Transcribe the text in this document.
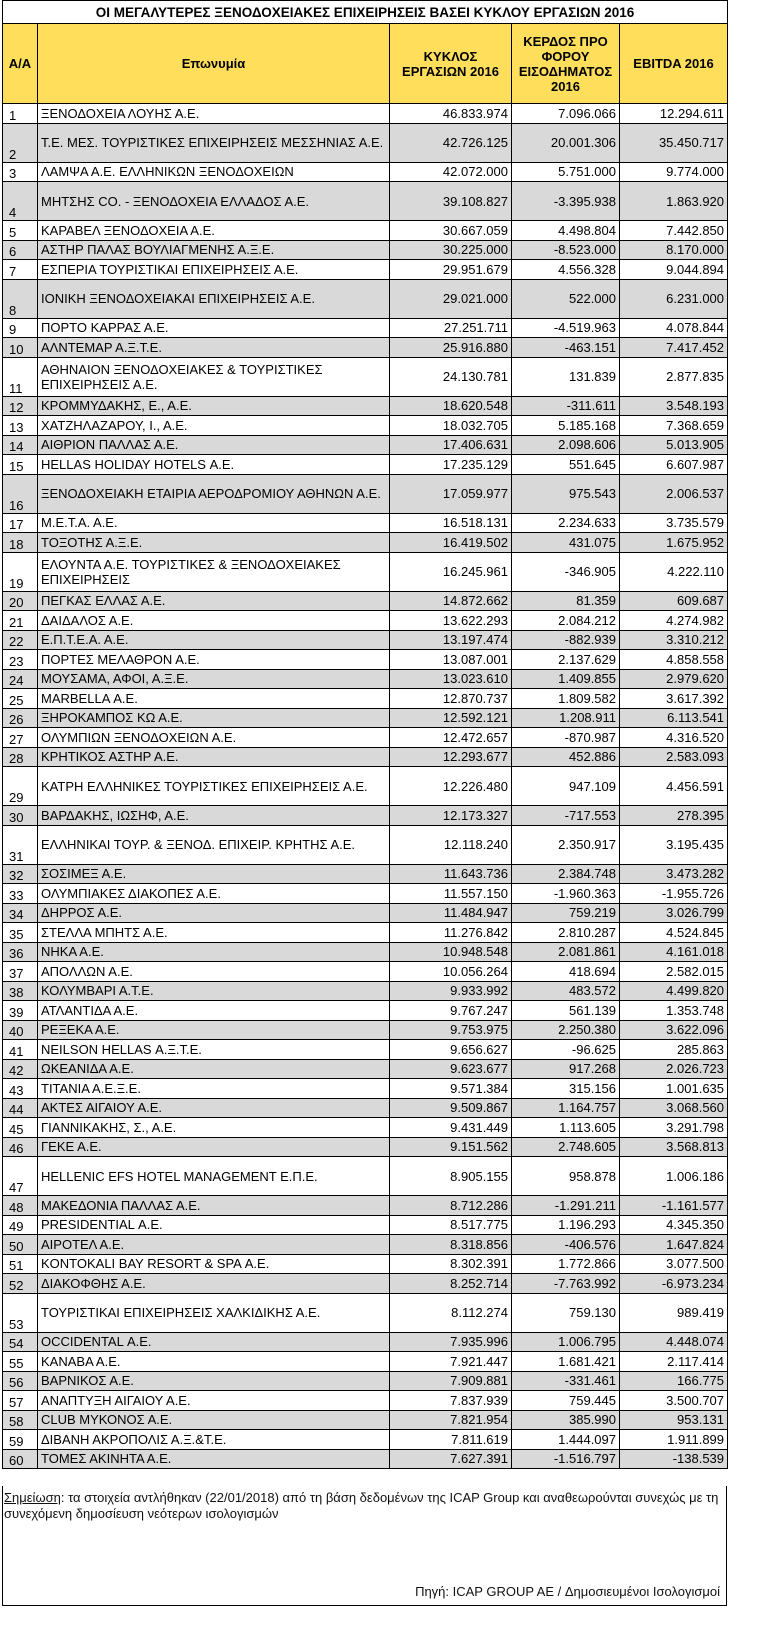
ΟΙ ΜΕΓΑΛΥΤΕΡΕΣ ΞΕΝΟΔΟΧΕΙΑΚΕΣ ΕΠΙΧΕΙΡΗΣΕΙΣ ΒΑΣΕΙ ΚΥΚΛΟΥ ΕΡΓΑΣΙΩΝ 2016				
Α/Α	Επωνυμία	ΚΥΚΛΟΣ ΕΡΓΑΣΙΩΝ 2016	ΚΕΡΔΟΣ ΠΡΟ ΦΟΡΟΥ ΕΙΣΟΔΗΜΑΤΟΣ 2016	EBITDA 2016
1	ΞΕΝΟΔΟΧΕΙΑ ΛΟΥΗΣ Α.Ε.	46.833.974	7.096.066	12.294.611
2	Τ.Ε. ΜΕΣ. ΤΟΥΡΙΣΤΙΚΕΣ ΕΠΙΧΕΙΡΗΣΕΙΣ ΜΕΣΣΗΝΙΑΣ Α.Ε.	42.726.125	20.001.306	35.450.717
3	ΛΑΜΨΑ Α.Ε. ΕΛΛΗΝΙΚΩΝ ΞΕΝΟΔΟΧΕΙΩΝ	42.072.000	5.751.000	9.774.000
4	ΜΗΤΣΗΣ CO. - ΞΕΝΟΔΟΧΕΙΑ ΕΛΛΑΔΟΣ Α.Ε.	39.108.827	-3.395.938	1.863.920
5	ΚΑΡΑΒΕΛ ΞΕΝΟΔΟΧΕΙΑ Α.Ε.	30.667.059	4.498.804	7.442.850
6	ΑΣΤΗΡ ΠΑΛΑΣ ΒΟΥΛΙΑΓΜΕΝΗΣ Α.Ξ.Ε.	30.225.000	-8.523.000	8.170.000
7	ΕΣΠΕΡΙΑ ΤΟΥΡΙΣΤΙΚΑΙ ΕΠΙΧΕΙΡΗΣΕΙΣ Α.Ε.	29.951.679	4.556.328	9.044.894
8	ΙΟΝΙΚΗ ΞΕΝΟΔΟΧΕΙΑΚΑΙ ΕΠΙΧΕΙΡΗΣΕΙΣ Α.Ε.	29.021.000	522.000	6.231.000
9	ΠΟΡΤΟ ΚΑΡΡΑΣ Α.Ε.	27.251.711	-4.519.963	4.078.844
10	ΑΛΝΤΕΜΑΡ Α.Ξ.Τ.Ε.	25.916.880	-463.151	7.417.452
11	ΑΘΗΝΑΙΟΝ ΞΕΝΟΔΟΧΕΙΑΚΕΣ & ΤΟΥΡΙΣΤΙΚΕΣ ΕΠΙΧΕΙΡΗΣΕΙΣ Α.Ε.	24.130.781	131.839	2.877.835
12	ΚΡΟΜΜΥΔΑΚΗΣ, Ε., Α.Ε.	18.620.548	-311.611	3.548.193
13	ΧΑΤΖΗΛΑΖΑΡΟΥ, Ι., Α.Ε.	18.032.705	5.185.168	7.368.659
14	ΑΙΘΡΙΟΝ ΠΑΛΛΑΣ Α.Ε.	17.406.631	2.098.606	5.013.905
15	HELLAS HOLIDAY HOTELS Α.Ε.	17.235.129	551.645	6.607.987
16	ΞΕΝΟΔΟΧΕΙΑΚΗ ΕΤΑΙΡΙΑ ΑΕΡΟΔΡΟΜΙΟΥ ΑΘΗΝΩΝ Α.Ε.	17.059.977	975.543	2.006.537
17	Μ.Ε.Τ.Α. Α.Ε.	16.518.131	2.234.633	3.735.579
18	ΤΟΞΟΤΗΣ Α.Ξ.Ε.	16.419.502	431.075	1.675.952
19	ΕΛΟΥΝΤΑ Α.Ε. ΤΟΥΡΙΣΤΙΚΕΣ & ΞΕΝΟΔΟΧΕΙΑΚΕΣ ΕΠΙΧΕΙΡΗΣΕΙΣ	16.245.961	-346.905	4.222.110
20	ΠΕΓΚΑΣ ΕΛΛΑΣ Α.Ε.	14.872.662	81.359	609.687
21	ΔΑΙΔΑΛΟΣ Α.Ε.	13.622.293	2.084.212	4.274.982
22	Ε.Π.Τ.Ε.Α. Α.Ε.	13.197.474	-882.939	3.310.212
23	ΠΟΡΤΕΣ ΜΕΛΑΘΡΟΝ Α.Ε.	13.087.001	2.137.629	4.858.558
24	ΜΟΥΣΑΜΑ, ΑΦΟΙ, Α.Ξ.Ε.	13.023.610	1.409.855	2.979.620
25	MARBELLA Α.Ε.	12.870.737	1.809.582	3.617.392
26	ΞΗΡΟΚΑΜΠΟΣ ΚΩ Α.Ε.	12.592.121	1.208.911	6.113.541
27	ΟΛΥΜΠΙΩΝ ΞΕΝΟΔΟΧΕΙΩΝ Α.Ε.	12.472.657	-870.987	4.316.520
28	ΚΡΗΤΙΚΟΣ ΑΣΤΗΡ Α.Ε.	12.293.677	452.886	2.583.093
29	ΚΑΤΡΗ ΕΛΛΗΝΙΚΕΣ ΤΟΥΡΙΣΤΙΚΕΣ ΕΠΙΧΕΙΡΗΣΕΙΣ Α.Ε.	12.226.480	947.109	4.456.591
30	ΒΑΡΔΑΚΗΣ, ΙΩΣΗΦ, Α.Ε.	12.173.327	-717.553	278.395
31	ΕΛΛΗΝΙΚΑΙ ΤΟΥΡ. & ΞΕΝΟΔ. ΕΠΙΧΕΙΡ. ΚΡΗΤΗΣ Α.Ε.	12.118.240	2.350.917	3.195.435
32	ΣΟΣΙΜΕΞ Α.Ε.	11.643.736	2.384.748	3.473.282
33	ΟΛΥΜΠΙΑΚΕΣ ΔΙΑΚΟΠΕΣ Α.Ε.	11.557.150	-1.960.363	-1.955.726
34	ΔΗΡΡΟΣ Α.Ε.	11.484.947	759.219	3.026.799
35	ΣΤΕΛΛΑ ΜΠΗΤΣ Α.Ε.	11.276.842	2.810.287	4.524.845
36	ΝΗΚΑ Α.Ε.	10.948.548	2.081.861	4.161.018
37	ΑΠΟΛΛΩΝ Α.Ε.	10.056.264	418.694	2.582.015
38	ΚΟΛΥΜΒΑΡΙ Α.Τ.Ε.	9.933.992	483.572	4.499.820
39	ΑΤΛΑΝΤΙΔΑ Α.Ε.	9.767.247	561.139	1.353.748
40	ΡΕΞΕΚΑ Α.Ε.	9.753.975	2.250.380	3.622.096
41	NEILSON HELLAS Α.Ξ.Τ.Ε.	9.656.627	-96.625	285.863
42	ΩΚΕΑΝΙΔΑ Α.Ε.	9.623.677	917.268	2.026.723
43	ΤΙΤΑΝΙΑ Α.Ε.Ξ.Ε.	9.571.384	315.156	1.001.635
44	ΑΚΤΕΣ ΑΙΓΑΙΟΥ Α.Ε.	9.509.867	1.164.757	3.068.560
45	ΓΙΑΝΝΙΚΑΚΗΣ, Σ., Α.Ε.	9.431.449	1.113.605	3.291.798
46	ΓΕΚΕ Α.Ε.	9.151.562	2.748.605	3.568.813
47	HELLENIC EFS HOTEL MANAGEMENT Ε.Π.Ε.	8.905.155	958.878	1.006.186
48	ΜΑΚΕΔΟΝΙΑ ΠΑΛΛΑΣ Α.Ε.	8.712.286	-1.291.211	-1.161.577
49	PRESIDENTIAL Α.Ε.	8.517.775	1.196.293	4.345.350
50	ΑΙΡΟΤΕΛ Α.Ε.	8.318.856	-406.576	1.647.824
51	KONTOKALI BAY RESORT & SPA Α.Ε.	8.302.391	1.772.866	3.077.500
52	ΔΙΑΚΟΦΘΗΣ Α.Ε.	8.252.714	-7.763.992	-6.973.234
53	ΤΟΥΡΙΣΤΙΚΑΙ ΕΠΙΧΕΙΡΗΣΕΙΣ ΧΑΛΚΙΔΙΚΗΣ Α.Ε.	8.112.274	759.130	989.419
54	OCCIDENTAL Α.Ε.	7.935.996	1.006.795	4.448.074
55	ΚΑΝΑΒΑ Α.Ε.	7.921.447	1.681.421	2.117.414
56	ΒΑΡΝΙΚΟΣ Α.Ε.	7.909.881	-331.461	166.775
57	ΑΝΑΠΤΥΞΗ ΑΙΓΑΙΟΥ Α.Ε.	7.837.939	759.445	3.500.707
58	CLUB ΜΥΚΟΝΟΣ Α.Ε.	7.821.954	385.990	953.131
59	ΔΙΒΑΝΗ ΑΚΡΟΠΟΛΙΣ Α.Ξ.&Τ.Ε.	7.811.619	1.444.097	1.911.899
60	ΤΟΜΕΣ ΑΚΙΝΗΤΑ Α.Ε.	7.627.391	-1.516.797	-138.539
Σημείωση: τα στοιχεία αντλήθηκαν (22/01/2018) από τη βάση δεδομένων της ICAP Group και αναθεωρούνται συνεχώς με τη συνεχόμενη δημοσίευση νεότερων ισολογισμών
Πηγή: ICAP GROUP AE / Δημοσιευμένοι Ισολογισμοί
